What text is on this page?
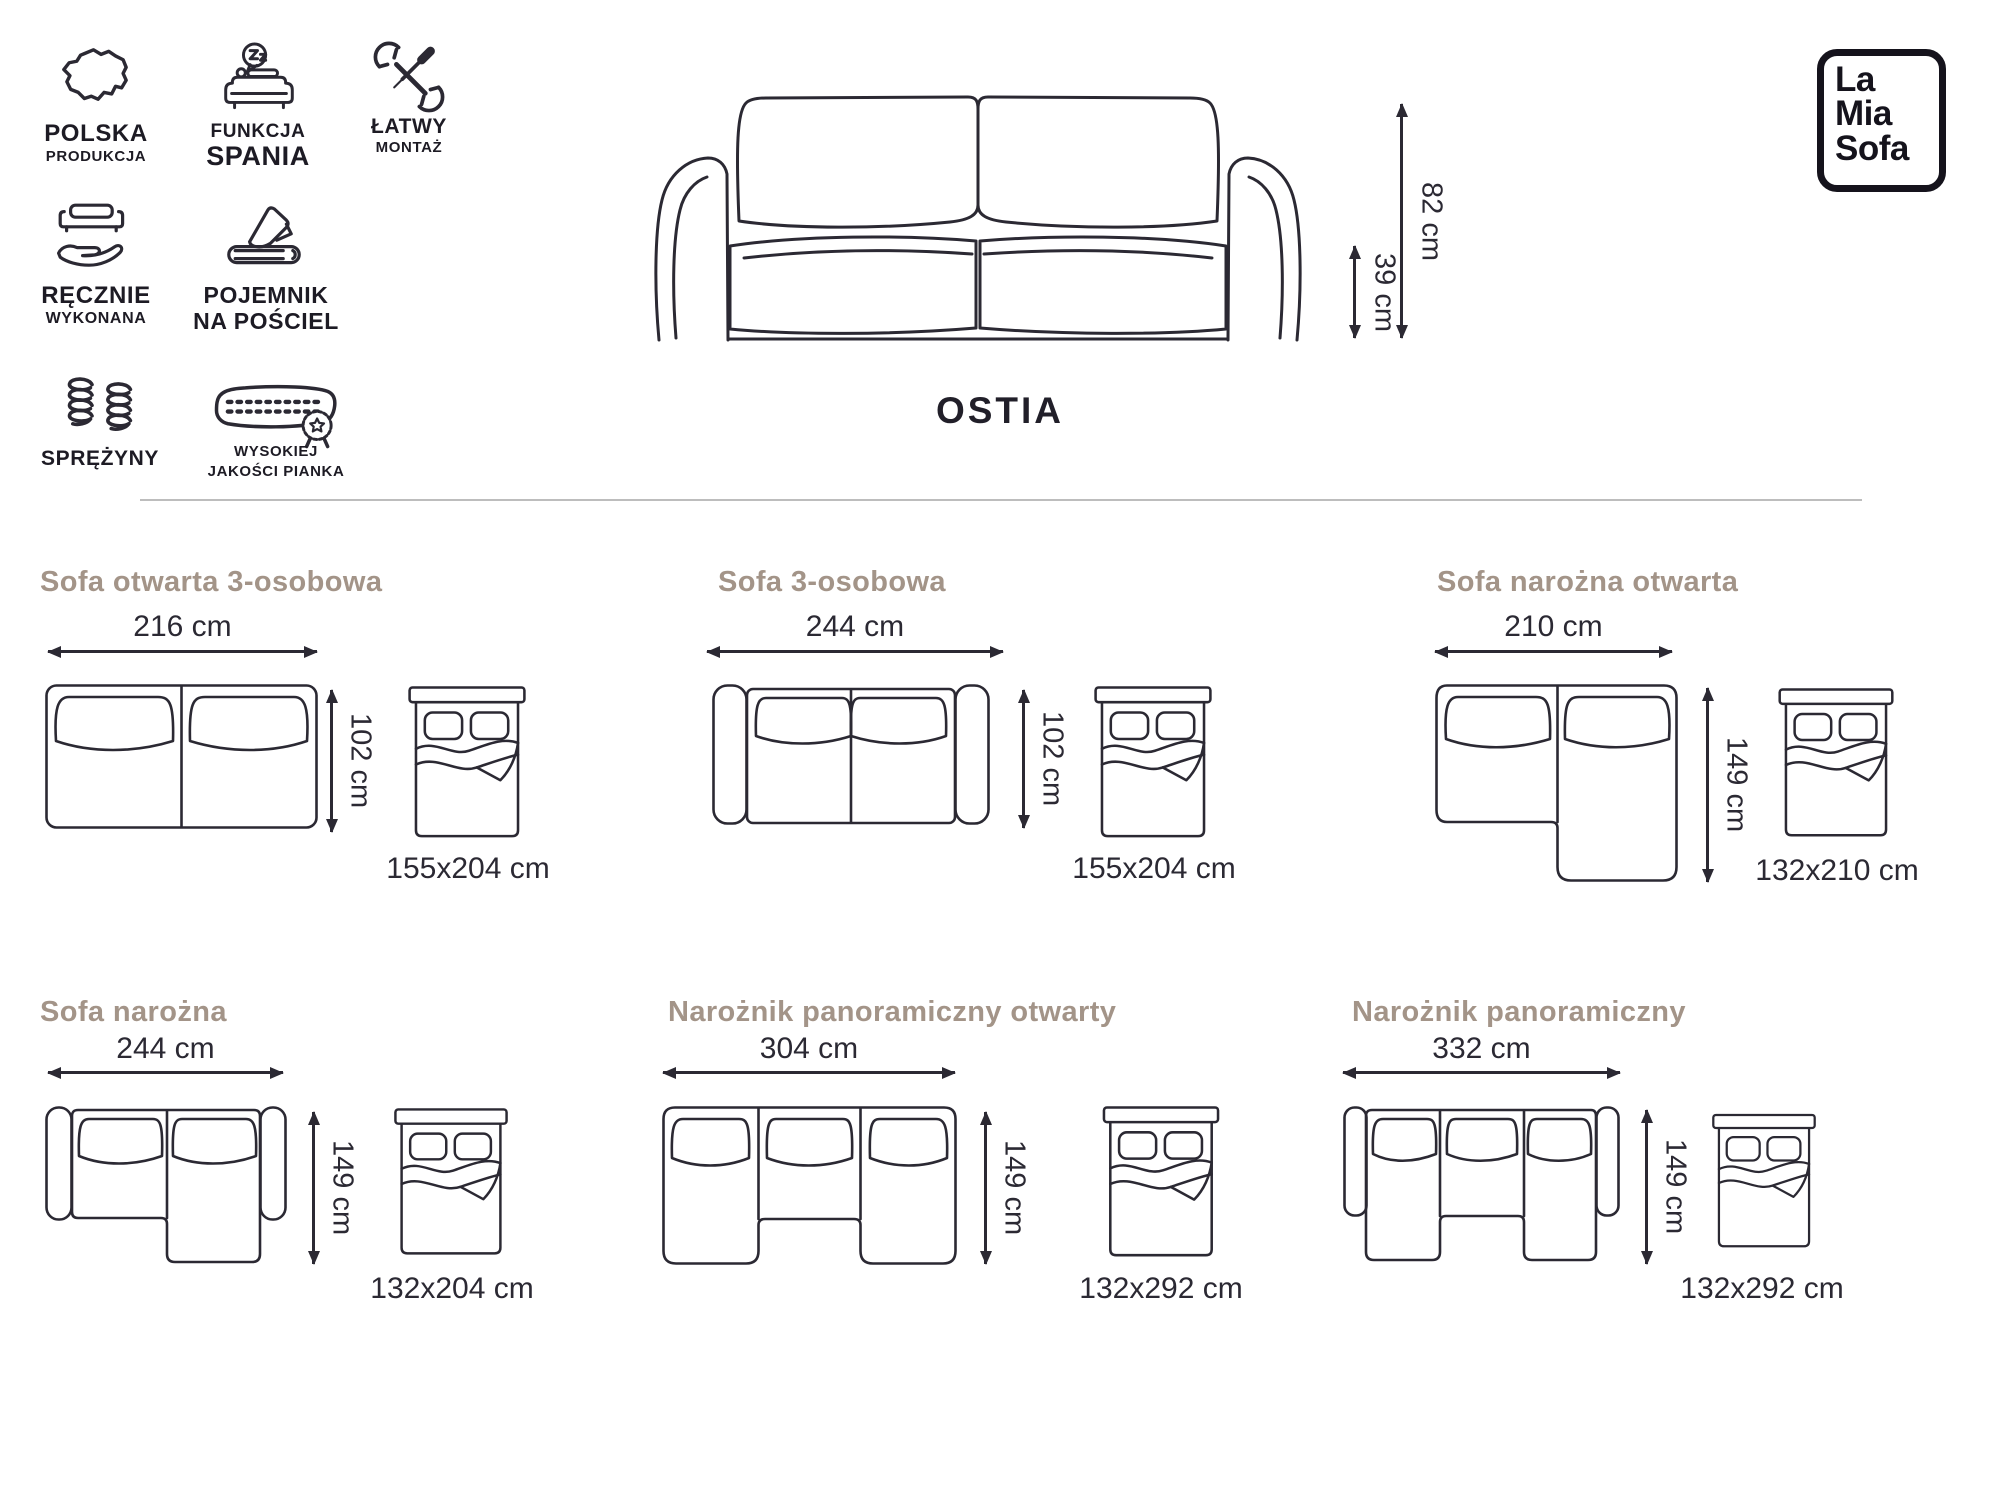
POLSKA
PRODUKCJA
FUNKCJA
SPANIA
ŁATWY
MONTAŻ
RĘCZNIE
WYKONANA
POJEMNIK
NA POŚCIEL
SPRĘŻYNY	WYSOKIEJ
JAKOŚCI PIANKA
39 cm
82 cm
OSTIA
La
Mia
Sofa
Sofa otwarta 3-osobowa
216 cm
102 cm
155x204 cm
Sofa 3-osobowa
244 cm
102 cm
155x204 cm
Sofa narożna otwarta
210 cm
149 cm
132x210 cm
Sofa narożna
244 cm
149 cm
132x204 cm
Narożnik panoramiczny otwarty
304 cm
149 cm
132x292 cm
Narożnik panoramiczny
332 cm
149 cm
132x292 cm
